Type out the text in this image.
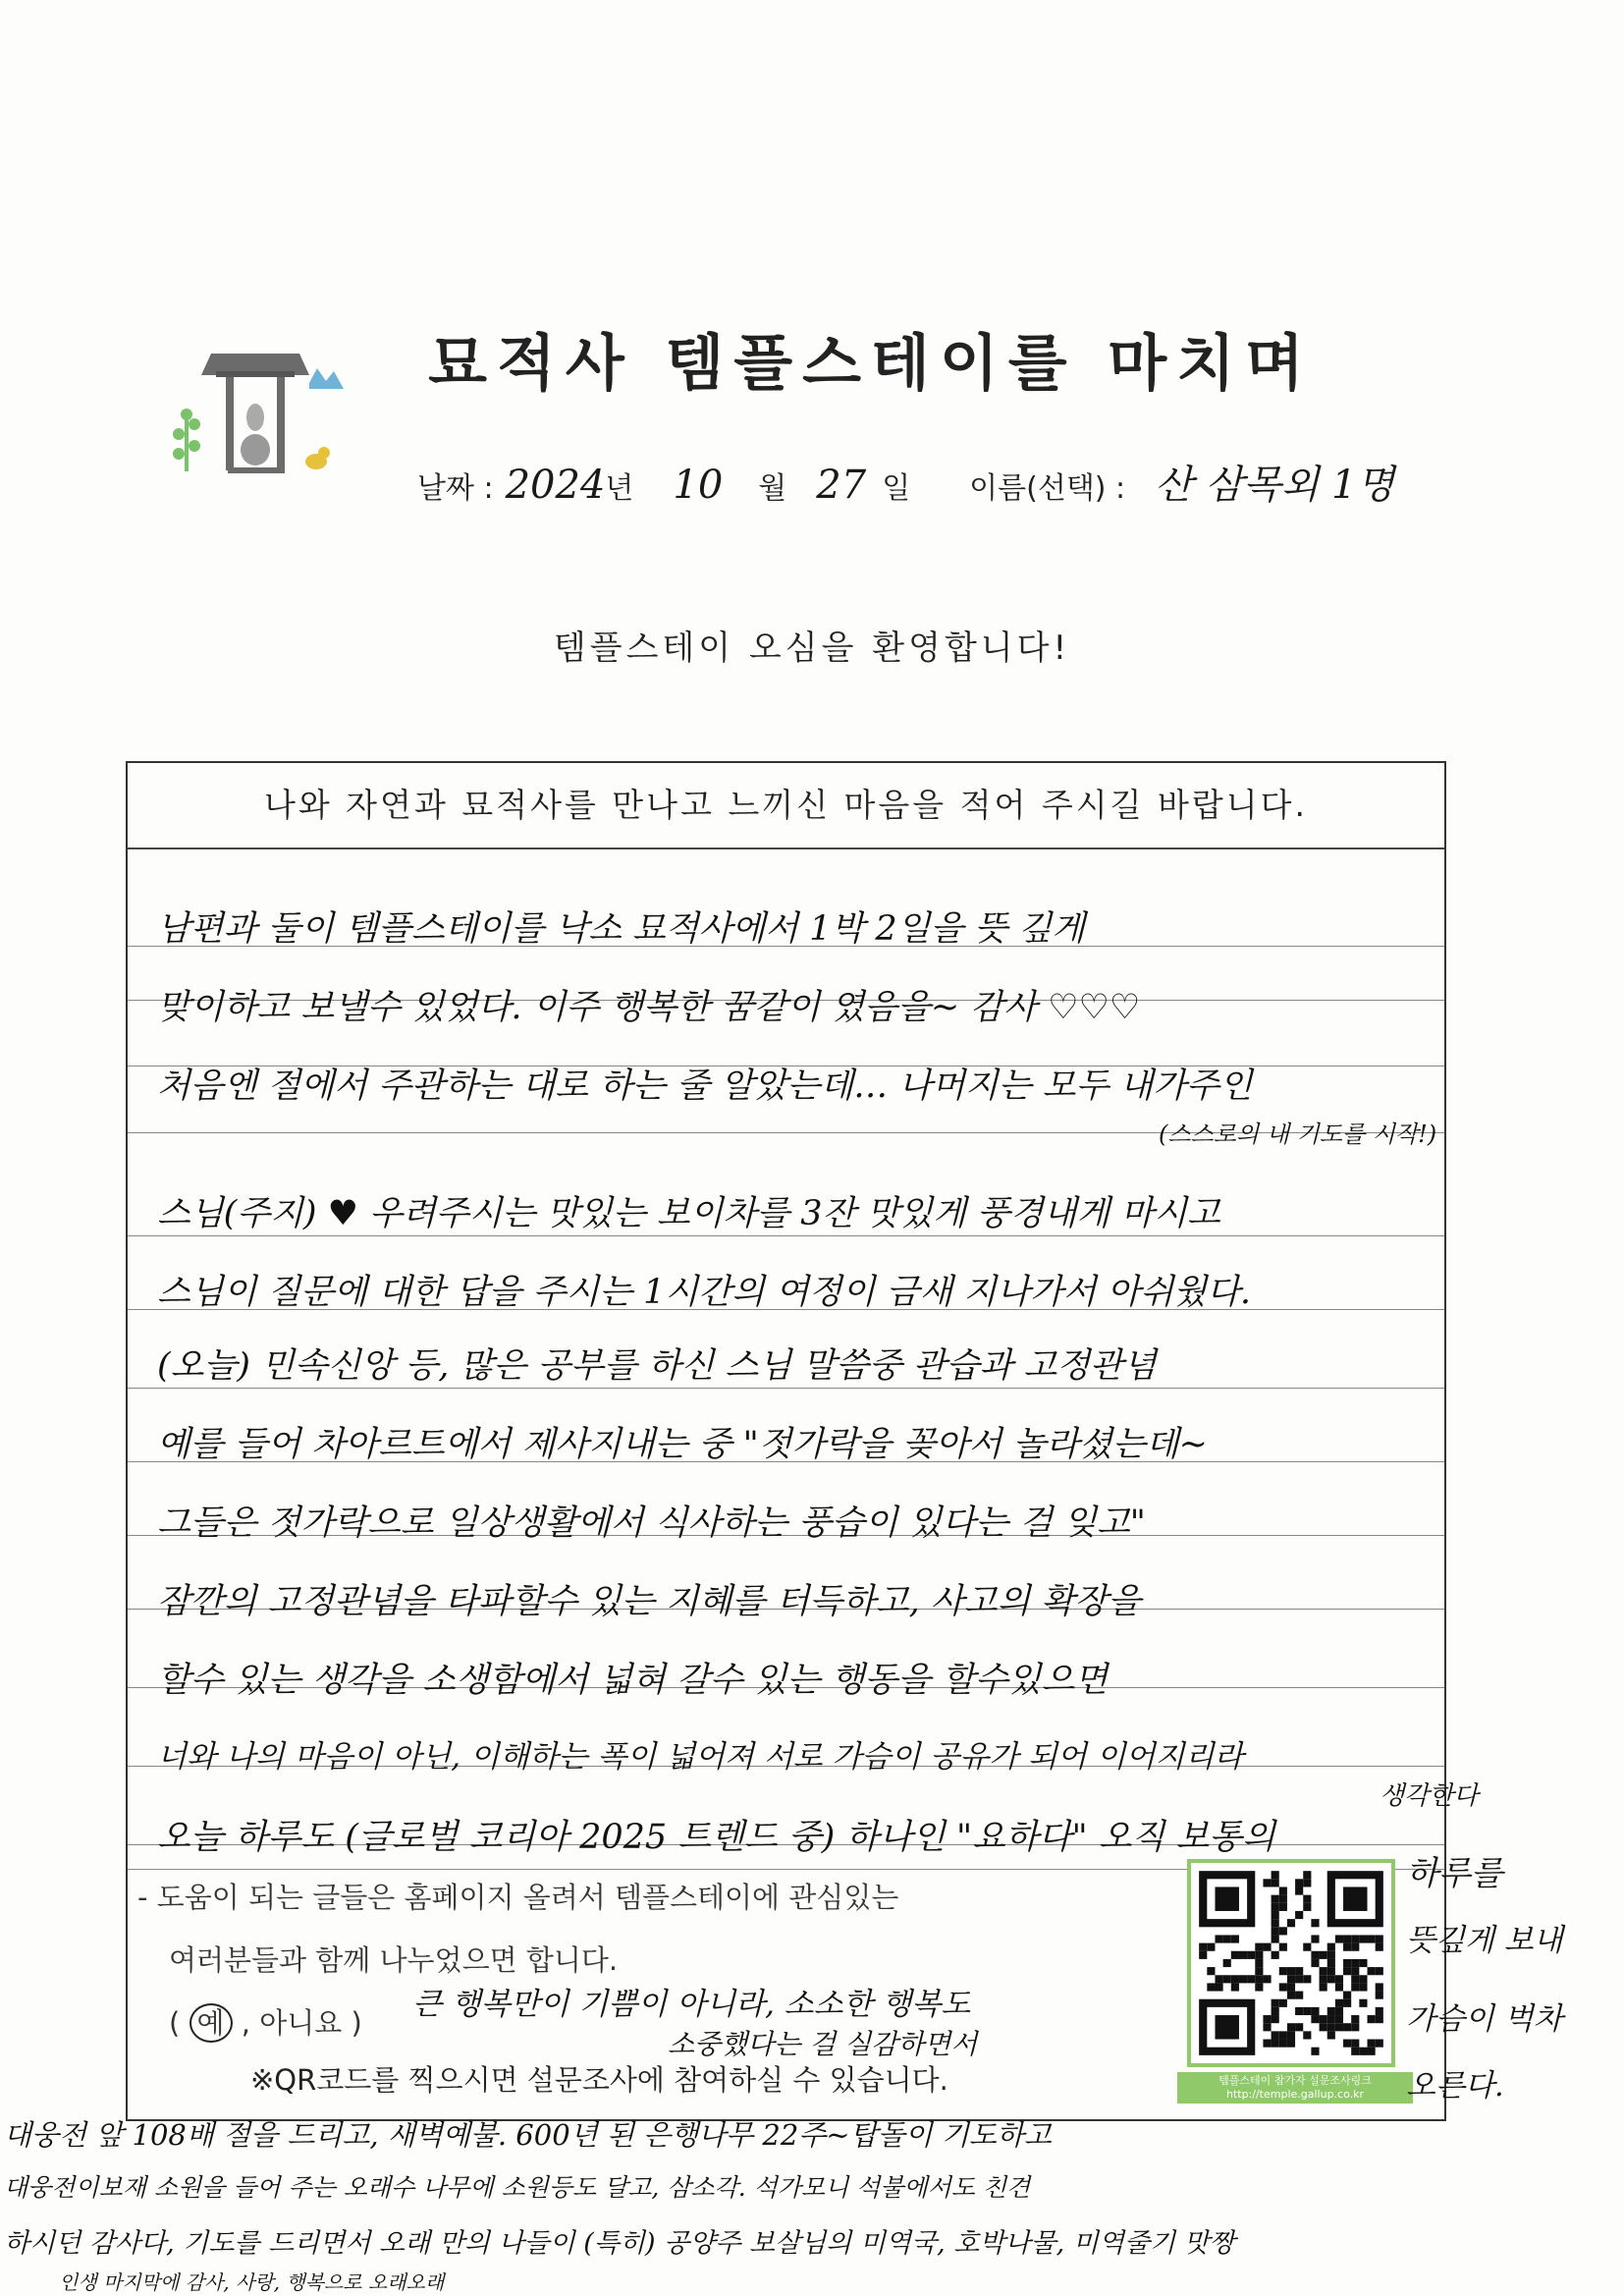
묘적사 템플스테이를 마치며
날짜 : 2024 년 10 월 27 일 이름(선택) : 산 삼목외 1명
템플스테이 오심을 환영합니다!
나와 자연과 묘적사를 만나고 느끼신 마음을 적어 주시길 바랍니다.
남편과 둘이 템플스테이를 낙소 묘적사에서 1박 2일을 뜻 깊게
맞이하고 보낼수 있었다. 이주 행복한 꿈같이 였음을~ 감사 ♡♡♡
처음엔 절에서 주관하는 대로 하는 줄 알았는데… 나머지는 모두 내가주인
(스스로의 내 기도를 시작!)
스님(주지) ♥ 우려주시는 맛있는 보이차를 3잔 맛있게 풍경내게 마시고
스님이 질문에 대한 답을 주시는 1시간의 여정이 금새 지나가서 아쉬웠다.
(오늘) 민속신앙 등, 많은 공부를 하신 스님 말씀중 관습과 고정관념
예를 들어 차아르트에서 제사지내는 중 "젓가락을 꽂아서 놀라셨는데~
그들은 젓가락으로 일상생활에서 식사하는 풍습이 있다는 걸 잊고"
잠깐의 고정관념을 타파할수 있는 지혜를 터득하고, 사고의 확장을
할수 있는 생각을 소생함에서 넓혀 갈수 있는 행동을 할수있으면
너와 나의 마음이 아닌, 이해하는 폭이 넓어져 서로 가슴이 공유가 되어 이어지리라
오늘 하루도 (글로벌 코리아 2025 트렌드 중) 하나인 "요하다" 오직 보통의
- 도움이 되는 글들은 홈페이지 올려서 템플스테이에 관심있는
여러분들과 함께 나누었으면 합니다.
( 예 , 아니요 )
큰 행복만이 기쁨이 아니라, 소소한 행복도
소중했다는 걸 실감하면서
※QR코드를 찍으시면 설문조사에 참여하실 수 있습니다.	템플스테이 참가자 설문조사링크
http://temple.gallup.co.kr
생각한다
하루를
뜻깊게 보내
가슴이 벅차
오른다.
대웅전 앞 108배 절을 드리고, 새벽예불. 600년 된 은행나무 22주~탑돌이 기도하고
대웅전이보재 소원을 들어 주는 오래수 나무에 소원등도 달고, 삼소각. 석가모니 석불에서도 친견
하시던 감사다, 기도를 드리면서 오래 만의 나들이 (특히) 공양주 보살님의 미역국, 호박나물, 미역줄기 맛짱
인생 마지막에 감사, 사랑, 행복으로 오래오래
